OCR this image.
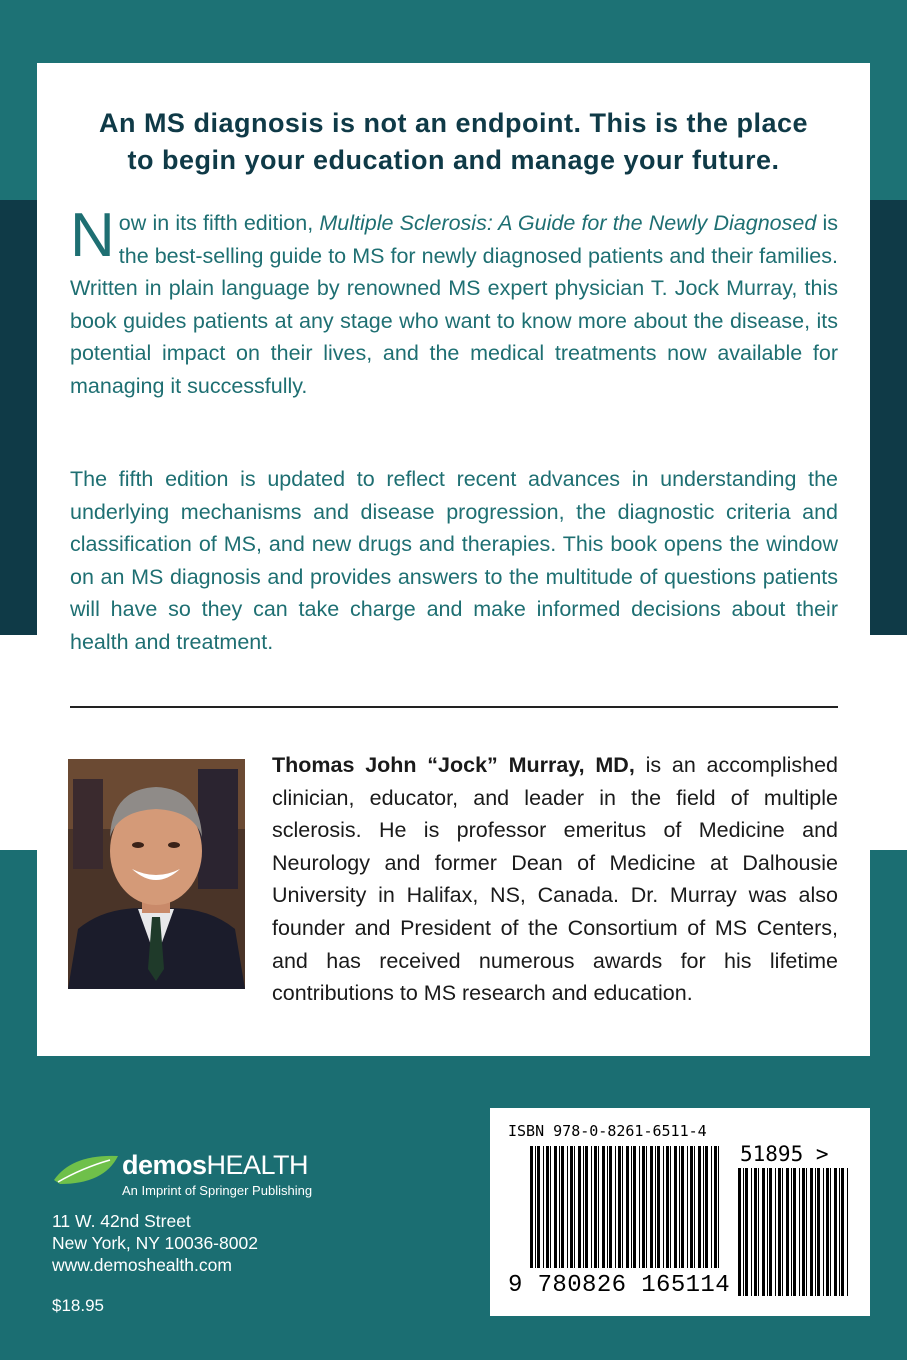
An MS diagnosis is not an endpoint. This is the place
to begin your education and manage your future.
Now in its fifth edition, Multiple Sclerosis: A Guide for the Newly Diagnosed is the best-selling guide to MS for newly diagnosed patients and their families. Written in plain language by renowned MS expert physician T. Jock Murray, this book guides patients at any stage who want to know more about the disease, its potential impact on their lives, and the medical treatments now available for managing it successfully.
The fifth edition is updated to reflect recent advances in understanding the underlying mechanisms and disease progression, the diagnostic criteria and classification of MS, and new drugs and therapies. This book opens the window on an MS diagnosis and provides answers to the multitude of questions patients will have so they can take charge and make informed decisions about their health and treatment.
Thomas John “Jock” Murray, MD, is an accomplished clinician, educator, and leader in the field of multiple sclerosis. He is professor emeritus of Medicine and Neurology and former Dean of Medicine at Dalhousie University in Halifax, NS, Canada. Dr. Murray was also founder and President of the Consortium of MS Centers, and has received numerous awards for his lifetime contributions to MS research and education.
demosHEALTH
An Imprint of Springer Publishing
11 W. 42nd Street
New York, NY 10036-8002
www.demoshealth.com
$18.95
ISBN 978-0-8261-6511-4
51895 >
9 780826 165114
